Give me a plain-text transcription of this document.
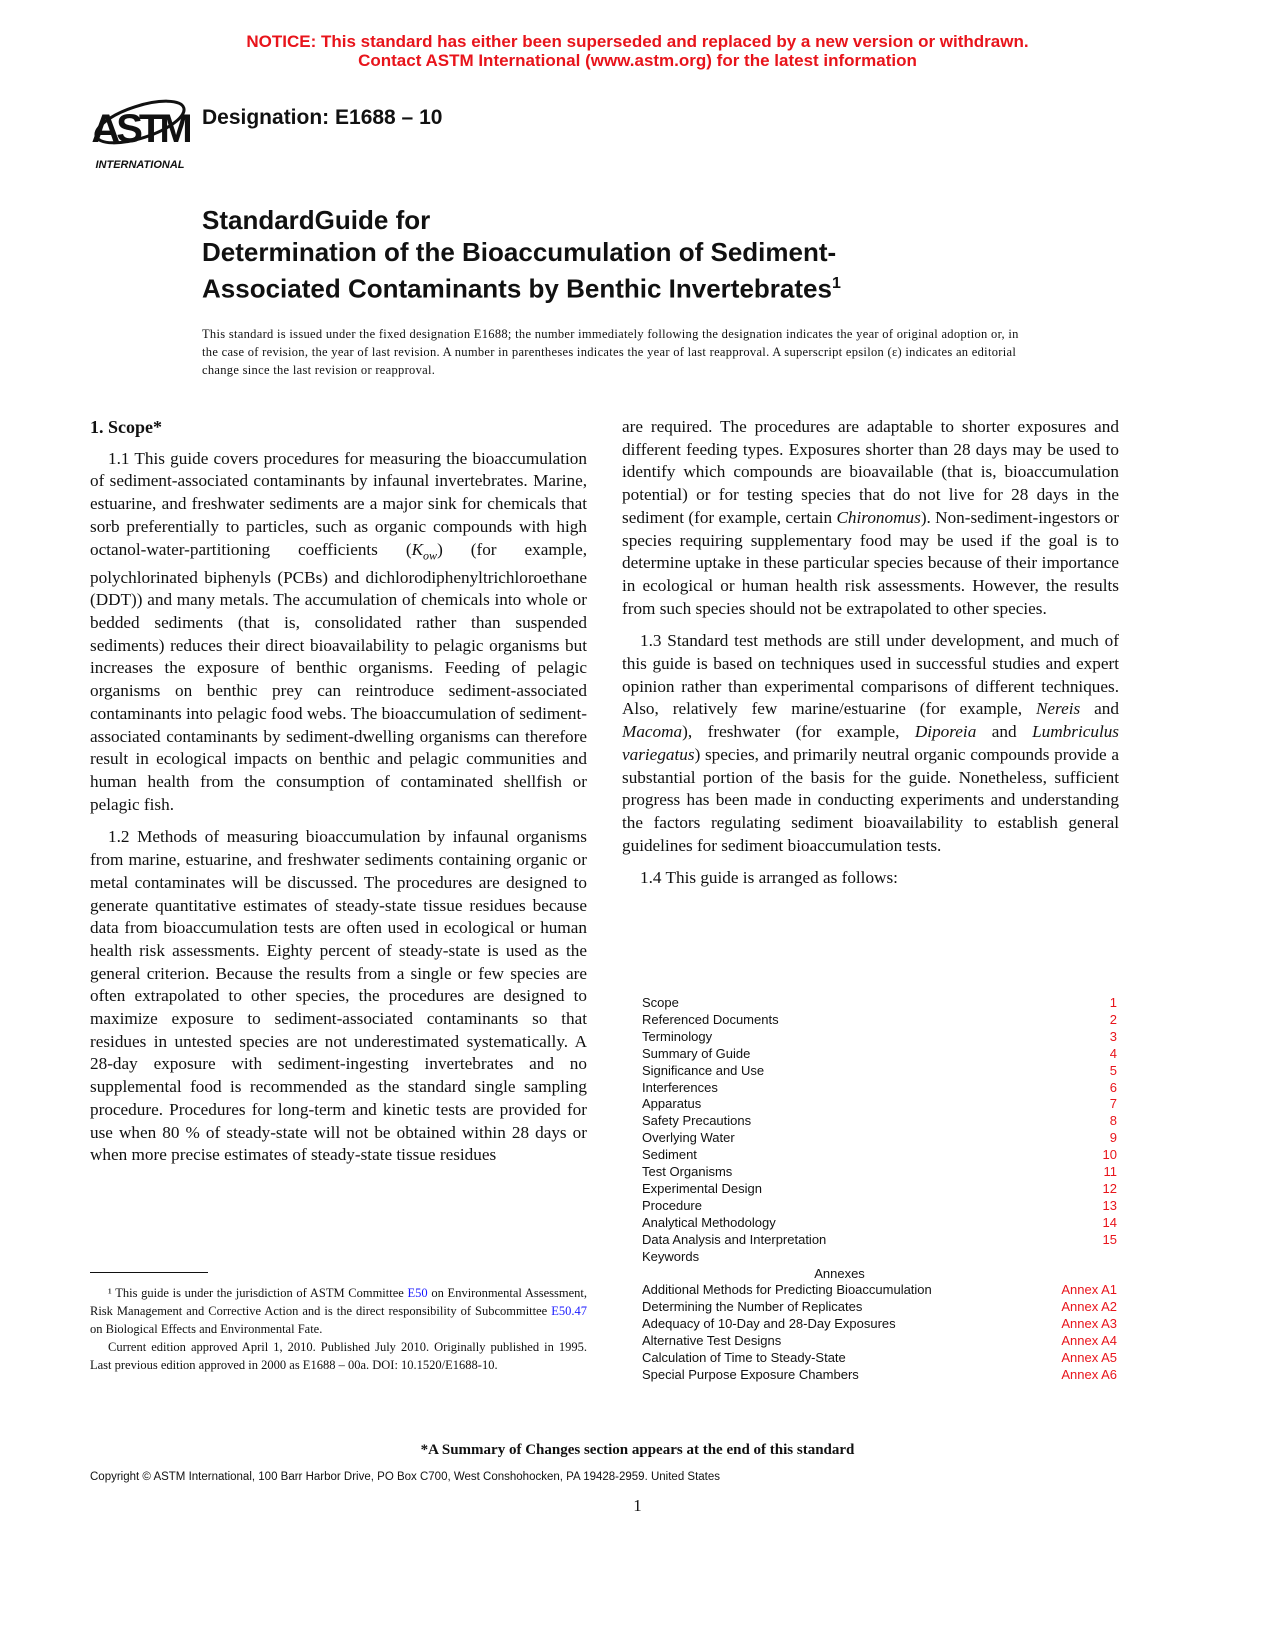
NOTICE: This standard has either been superseded and replaced by a new version or withdrawn.
Contact ASTM International (www.astm.org) for the latest information
ASTM
INTERNATIONAL
Designation: E1688 – 10
StandardGuide for
Determination of the Bioaccumulation of Sediment-
Associated Contaminants by Benthic Invertebrates$^1$
This standard is issued under the fixed designation E1688; the number immediately following the designation indicates the year of original adoption or, in the case of revision, the year of last revision. A number in parentheses indicates the year of last reapproval. A superscript epsilon (ε) indicates an editorial change since the last revision or reapproval.
1. Scope*

1.1 This guide covers procedures for measuring the bioaccumulation of sediment-associated contaminants by infaunal invertebrates. Marine, estuarine, and freshwater sediments are a major sink for chemicals that sorb preferentially to particles, such as organic compounds with high octanol-water-partitioning coefficients $(K_{ow})$ (for example, polychlorinated biphenyls (PCBs) and dichlorodiphenyltrichloroethane (DDT)) and many metals. The accumulation of chemicals into whole or bedded sediments (that is, consolidated rather than suspended sediments) reduces their direct bioavailability to pelagic organisms but increases the exposure of benthic organisms. Feeding of pelagic organisms on benthic prey can reintroduce sediment-associated contaminants into pelagic food webs. The bioaccumulation of sediment-associated contaminants by sediment-dwelling organisms can therefore result in ecological impacts on benthic and pelagic communities and human health from the consumption of contaminated shellfish or pelagic fish.

1.2 Methods of measuring bioaccumulation by infaunal organisms from marine, estuarine, and freshwater sediments containing organic or metal contaminates will be discussed. The procedures are designed to generate quantitative estimates of steady-state tissue residues because data from bioaccumulation tests are often used in ecological or human health risk assessments. Eighty percent of steady-state is used as the general criterion. Because the results from a single or few species are often extrapolated to other species, the procedures are designed to maximize exposure to sediment-associated contaminants so that residues in untested species are not underestimated systematically. A 28-day exposure with sediment-ingesting invertebrates and no supplemental food is recommended as the standard single sampling procedure. Procedures for long-term and kinetic tests are provided for use when 80 % of steady-state will not be obtained within 28 days or when more precise estimates of steady-state tissue residues

are required. The procedures are adaptable to shorter exposures and different feeding types. Exposures shorter than 28 days may be used to identify which compounds are bioavailable (that is, bioaccumulation potential) or for testing species that do not live for 28 days in the sediment (for example, certain Chironomus). Non-sediment-ingestors or species requiring supplementary food may be used if the goal is to determine uptake in these particular species because of their importance in ecological or human health risk assessments. However, the results from such species should not be extrapolated to other species.

1.3 Standard test methods are still under development, and much of this guide is based on techniques used in successful studies and expert opinion rather than experimental comparisons of different techniques. Also, relatively few marine/estuarine (for example, Nereis and Macoma), freshwater (for example, Diporeia and Lumbriculus variegatus) species, and primarily neutral organic compounds provide a substantial portion of the basis for the guide. Nonetheless, sufficient progress has been made in conducting experiments and understanding the factors regulating sediment bioavailability to establish general guidelines for sediment bioaccumulation tests.

1.4 This guide is arranged as follows:

Scope	1
Referenced Documents	2
Terminology	3
Summary of Guide	4
Significance and Use	5
Interferences	6
Apparatus	7
Safety Precautions	8
Overlying Water	9
Sediment	10
Test Organisms	11
Experimental Design	12
Procedure	13
Analytical Methodology	14
Data Analysis and Interpretation	15
Keywords
Annexes
Additional Methods for Predicting Bioaccumulation	Annex A1
Determining the Number of Replicates	Annex A2
Adequacy of 10-Day and 28-Day Exposures	Annex A3
Alternative Test Designs	Annex A4
Calculation of Time to Steady-State	Annex A5
Special Purpose Exposure Chambers	Annex A6

¹ This guide is under the jurisdiction of ASTM Committee E50 on Environmental Assessment, Risk Management and Corrective Action and is the direct responsibility of Subcommittee E50.47 on Biological Effects and Environmental Fate.

Current edition approved April 1, 2010. Published July 2010. Originally published in 1995. Last previous edition approved in 2000 as E1688 – 00a. DOI: 10.1520/E1688-10.

*A Summary of Changes section appears at the end of this standard
Copyright © ASTM International, 100 Barr Harbor Drive, PO Box C700, West Conshohocken, PA 19428-2959. United States
1
